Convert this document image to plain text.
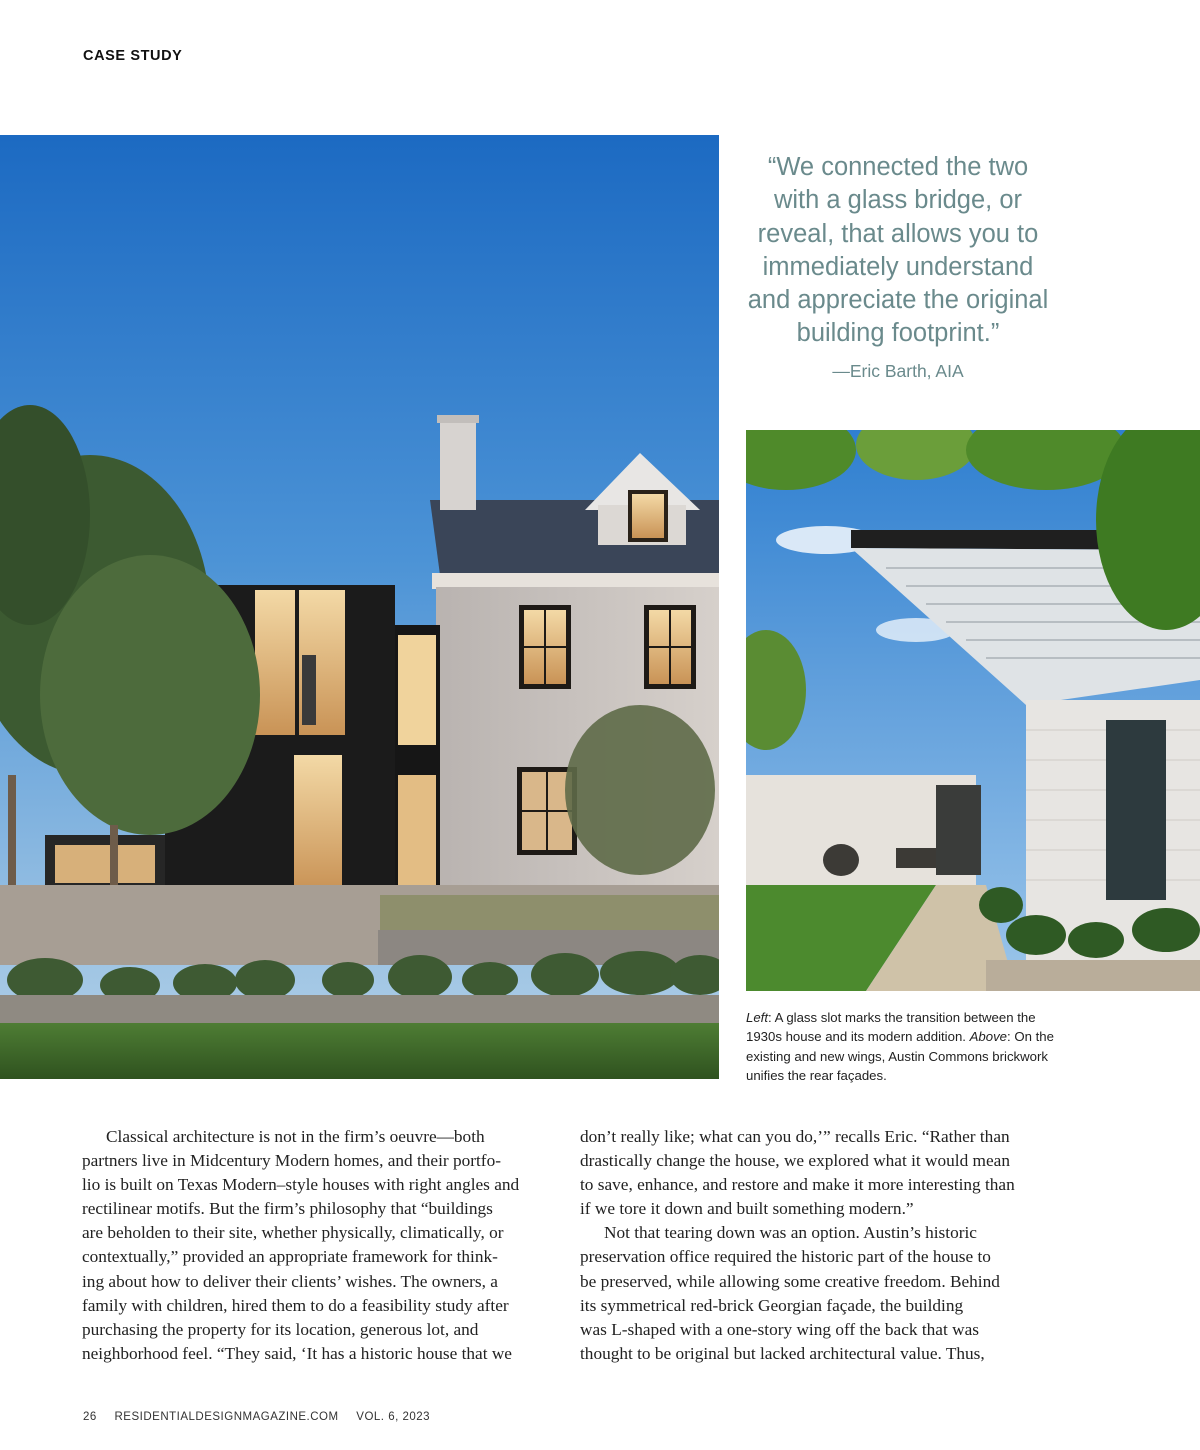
CASE STUDY

“We connected the two
with a glass bridge, or
reveal, that allows you to
immediately understand
and appreciate the original
building footprint.”

—Eric Barth, AIA
Left: A glass slot marks the transition between the 1930s house and its modern addition. Above: On the existing and new wings, Austin Commons brickwork unifies the rear façades.
Classical architecture is not in the firm’s oeuvre—both
partners live in Midcentury Modern homes, and their portfo-
lio is built on Texas Modern–style houses with right angles and
rectilinear motifs. But the firm’s philosophy that “buildings
are beholden to their site, whether physically, climatically, or
contextually,” provided an appropriate framework for think-
ing about how to deliver their clients’ wishes. The owners, a
family with children, hired them to do a feasibility study after
purchasing the property for its location, generous lot, and
neighborhood feel. “They said, ‘It has a historic house that we
don’t really like; what can you do,’” recalls Eric. “Rather than
drastically change the house, we explored what it would mean
to save, enhance, and restore and make it more interesting than
if we tore it down and built something modern.”
Not that tearing down was an option. Austin’s historic
preservation office required the historic part of the house to
be preserved, while allowing some creative freedom. Behind
its symmetrical red-brick Georgian façade, the building
was L-shaped with a one-story wing off the back that was
thought to be original but lacked architectural value. Thus,
26 RESIDENTIALDESIGNMAGAZINE.COM VOL. 6, 2023
